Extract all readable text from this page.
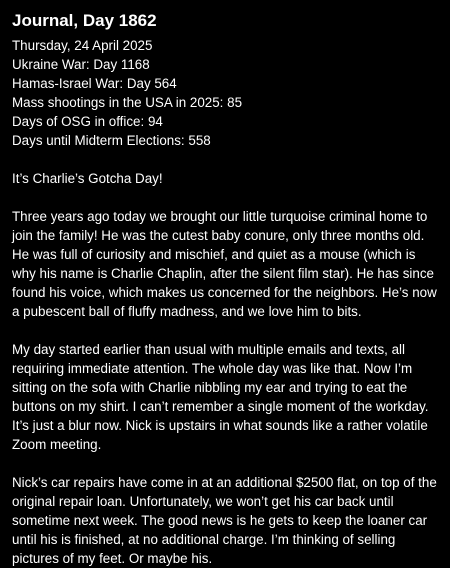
Journal, Day 1862
Thursday, 24 April 2025
Ukraine War: Day 1168
Hamas-Israel War: Day 564
Mass shootings in the USA in 2025: 85
Days of OSG in office: 94
Days until Midterm Elections: 558

It’s Charlie’s Gotcha Day!

Three years ago today we brought our little turquoise criminal home to join the family! He was the cutest baby conure, only three months old. He was full of curiosity and mischief, and quiet as a mouse (which is why his name is Charlie Chaplin, after the silent film star). He has since found his voice, which makes us concerned for the neighbors. He’s now a pubescent ball of fluffy madness, and we love him to bits.

My day started earlier than usual with multiple emails and texts, all requiring immediate attention. The whole day was like that. Now I’m sitting on the sofa with Charlie nibbling my ear and trying to eat the buttons on my shirt. I can’t remember a single moment of the workday. It’s just a blur now. Nick is upstairs in what sounds like a rather volatile Zoom meeting.

Nick’s car repairs have come in at an additional $2500 flat, on top of the original repair loan. Unfortunately, we won’t get his car back until sometime next week. The good news is he gets to keep the loaner car until his is finished, at no additional charge. I’m thinking of selling pictures of my feet. Or maybe his.
